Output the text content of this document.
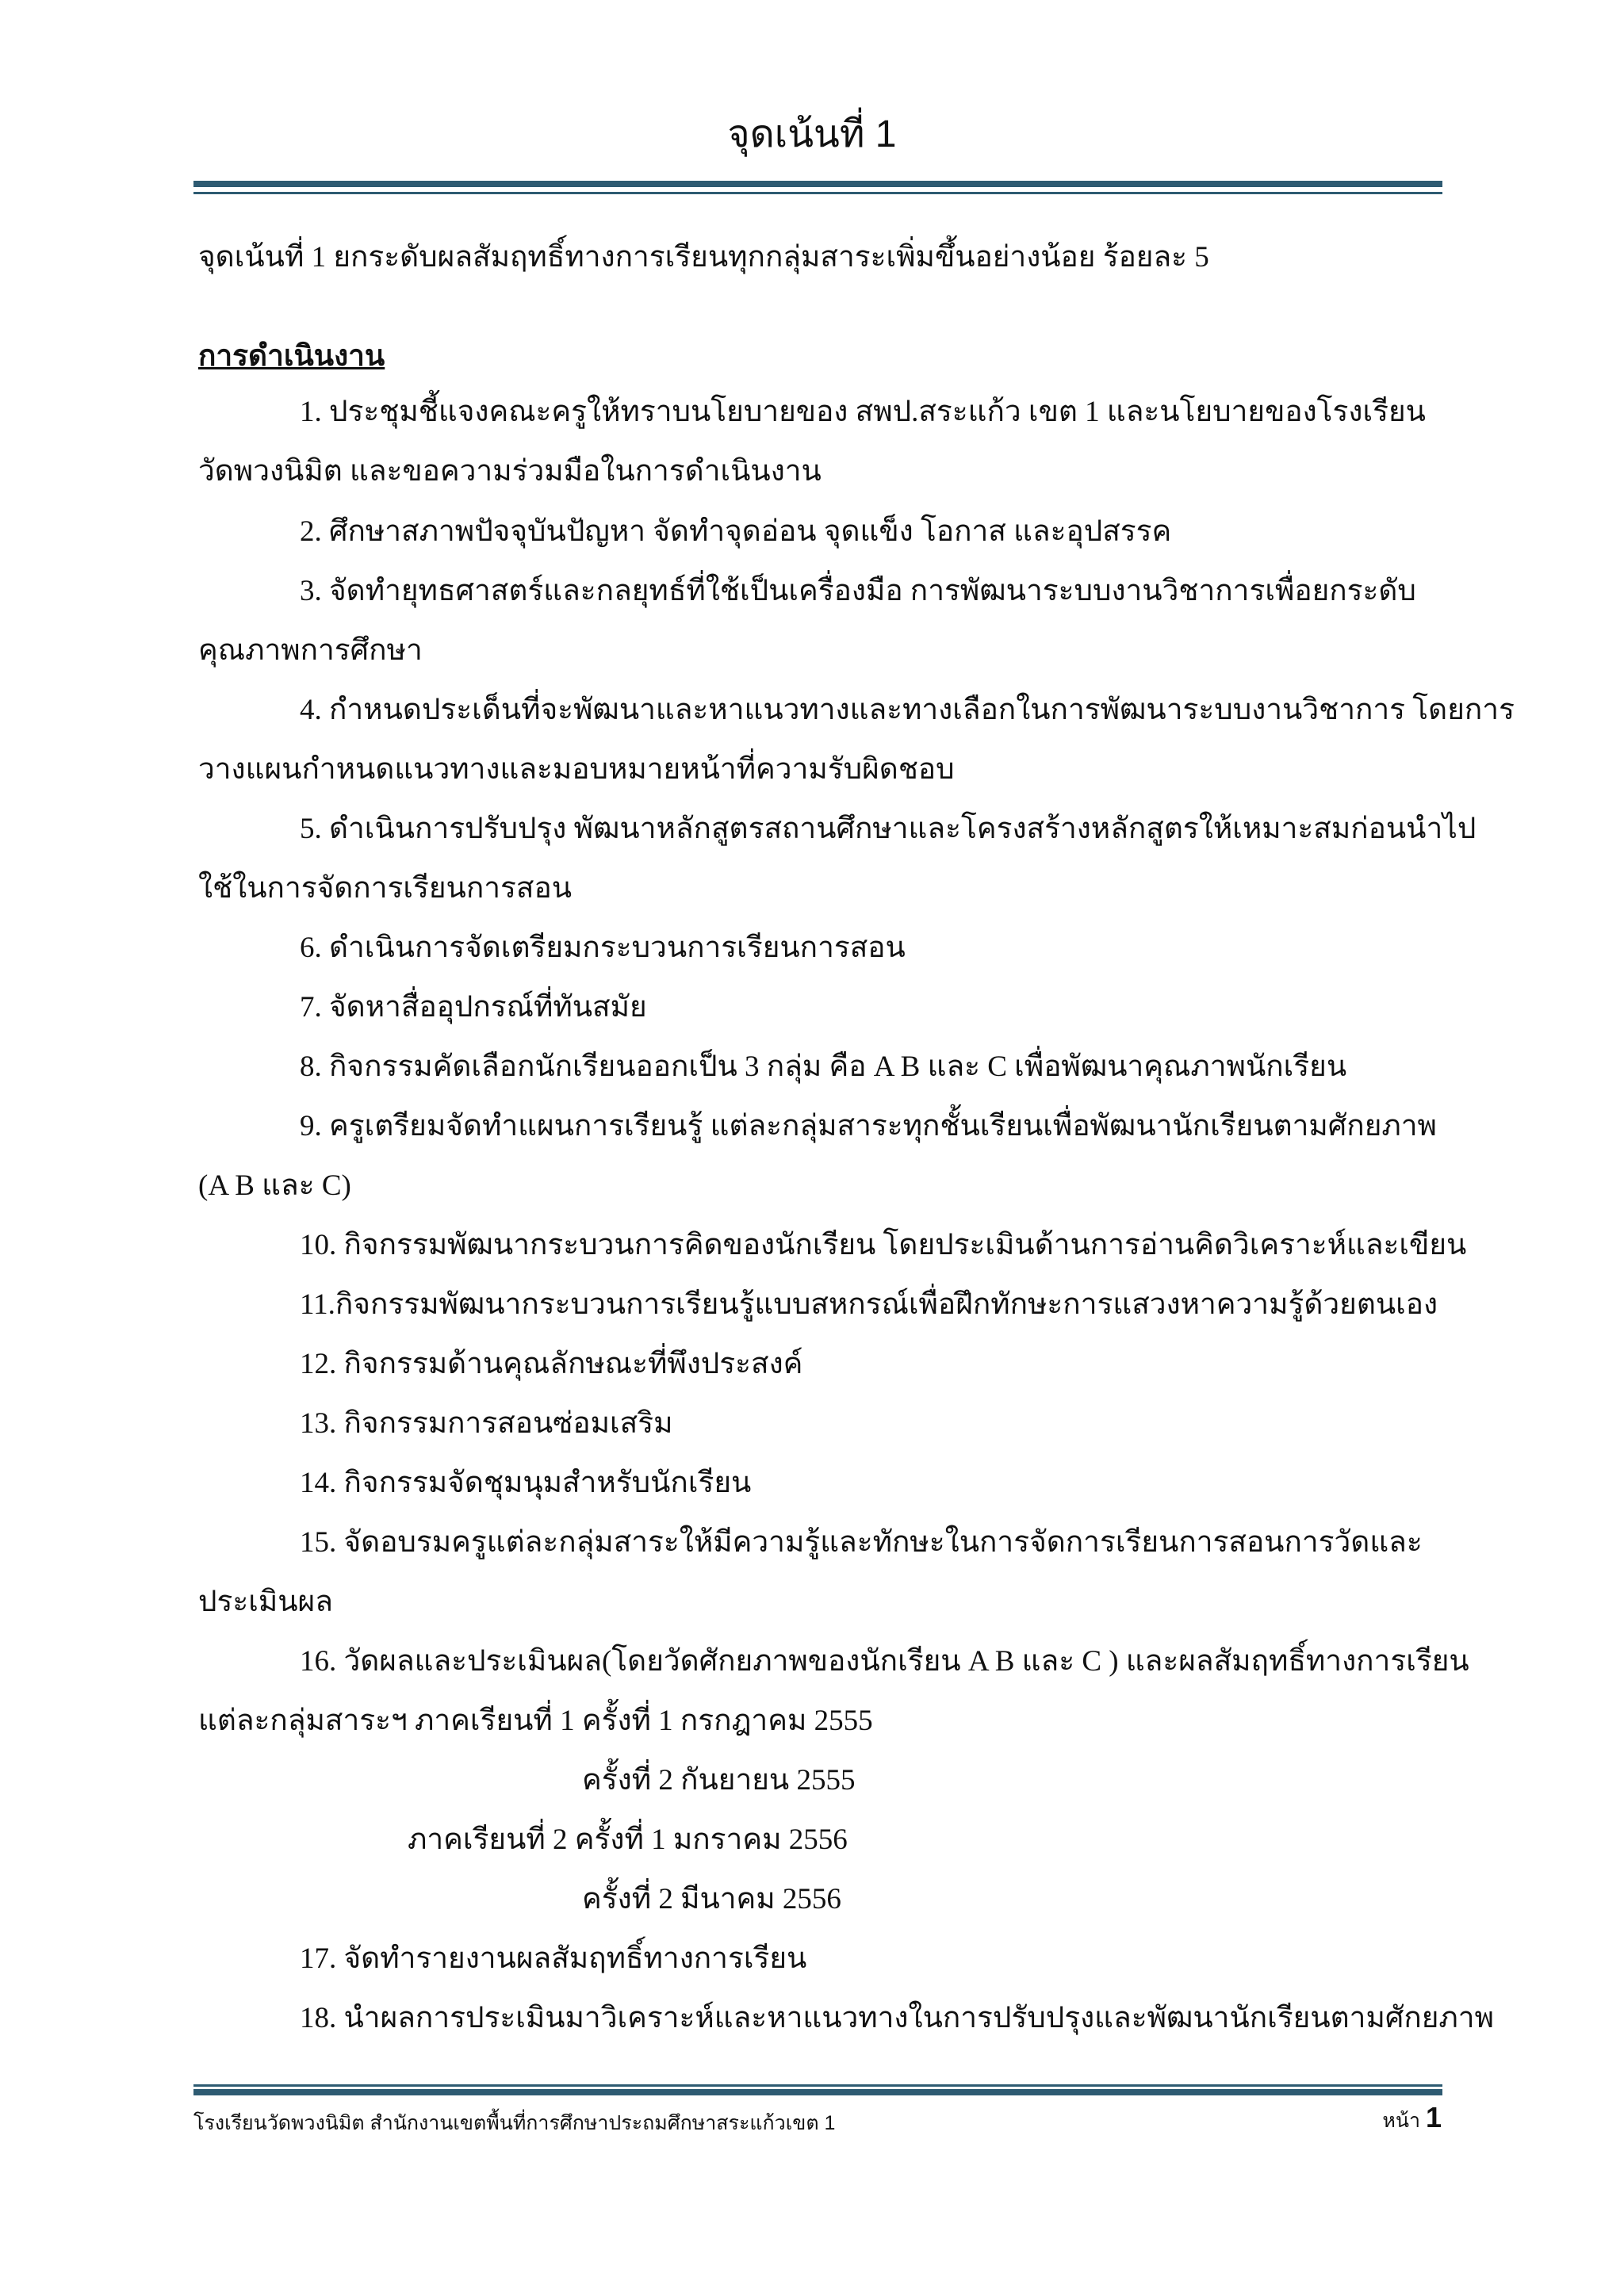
จุดเน้นที่ 1
จุดเน้นที่ 1 ยกระดับผลสัมฤทธิ์ทางการเรียนทุกกลุ่มสาระเพิ่มขึ้นอย่างน้อย ร้อยละ 5
การดำเนินงาน
1. ประชุมชี้แจงคณะครูให้ทราบนโยบายของ สพป.สระแก้ว เขต 1 และนโยบายของโรงเรียน
วัดพวงนิมิต และขอความร่วมมือในการดำเนินงาน
2. ศึกษาสภาพปัจจุบันปัญหา จัดทำจุดอ่อน จุดแข็ง โอกาส และอุปสรรค
3. จัดทำยุทธศาสตร์และกลยุทธ์ที่ใช้เป็นเครื่องมือ การพัฒนาระบบงานวิชาการเพื่อยกระดับ
คุณภาพการศึกษา
4. กำหนดประเด็นที่จะพัฒนาและหาแนวทางและทางเลือกในการพัฒนาระบบงานวิชาการ โดยการ
วางแผนกำหนดแนวทางและมอบหมายหน้าที่ความรับผิดชอบ
5. ดำเนินการปรับปรุง พัฒนาหลักสูตรสถานศึกษาและโครงสร้างหลักสูตรให้เหมาะสมก่อนนำไป
ใช้ในการจัดการเรียนการสอน
6. ดำเนินการจัดเตรียมกระบวนการเรียนการสอน
7. จัดหาสื่ออุปกรณ์ที่ทันสมัย
8. กิจกรรมคัดเลือกนักเรียนออกเป็น 3 กลุ่ม คือ A B และ C เพื่อพัฒนาคุณภาพนักเรียน
9. ครูเตรียมจัดทำแผนการเรียนรู้ แต่ละกลุ่มสาระทุกชั้นเรียนเพื่อพัฒนานักเรียนตามศักยภาพ
(A B และ C)
10. กิจกรรมพัฒนากระบวนการคิดของนักเรียน โดยประเมินด้านการอ่านคิดวิเคราะห์และเขียน
11.กิจกรรมพัฒนากระบวนการเรียนรู้แบบสหกรณ์เพื่อฝึกทักษะการแสวงหาความรู้ด้วยตนเอง
12. กิจกรรมด้านคุณลักษณะที่พึงประสงค์
13. กิจกรรมการสอนซ่อมเสริม
14. กิจกรรมจัดชุมนุมสำหรับนักเรียน
15. จัดอบรมครูแต่ละกลุ่มสาระให้มีความรู้และทักษะในการจัดการเรียนการสอนการวัดและ
ประเมินผล
16. วัดผลและประเมินผล(โดยวัดศักยภาพของนักเรียน A B และ C ) และผลสัมฤทธิ์ทางการเรียน
แต่ละกลุ่มสาระฯ ภาคเรียนที่ 1 ครั้งที่ 1 กรกฎาคม 2555
ครั้งที่ 2 กันยายน 2555
ภาคเรียนที่ 2 ครั้งที่ 1 มกราคม 2556
ครั้งที่ 2 มีนาคม 2556
17. จัดทำรายงานผลสัมฤทธิ์ทางการเรียน
18. นำผลการประเมินมาวิเคราะห์และหาแนวทางในการปรับปรุงและพัฒนานักเรียนตามศักยภาพ
โรงเรียนวัดพวงนิมิต สำนักงานเขตพื้นที่การศึกษาประถมศึกษาสระแก้วเขต 1	หน้า 1
